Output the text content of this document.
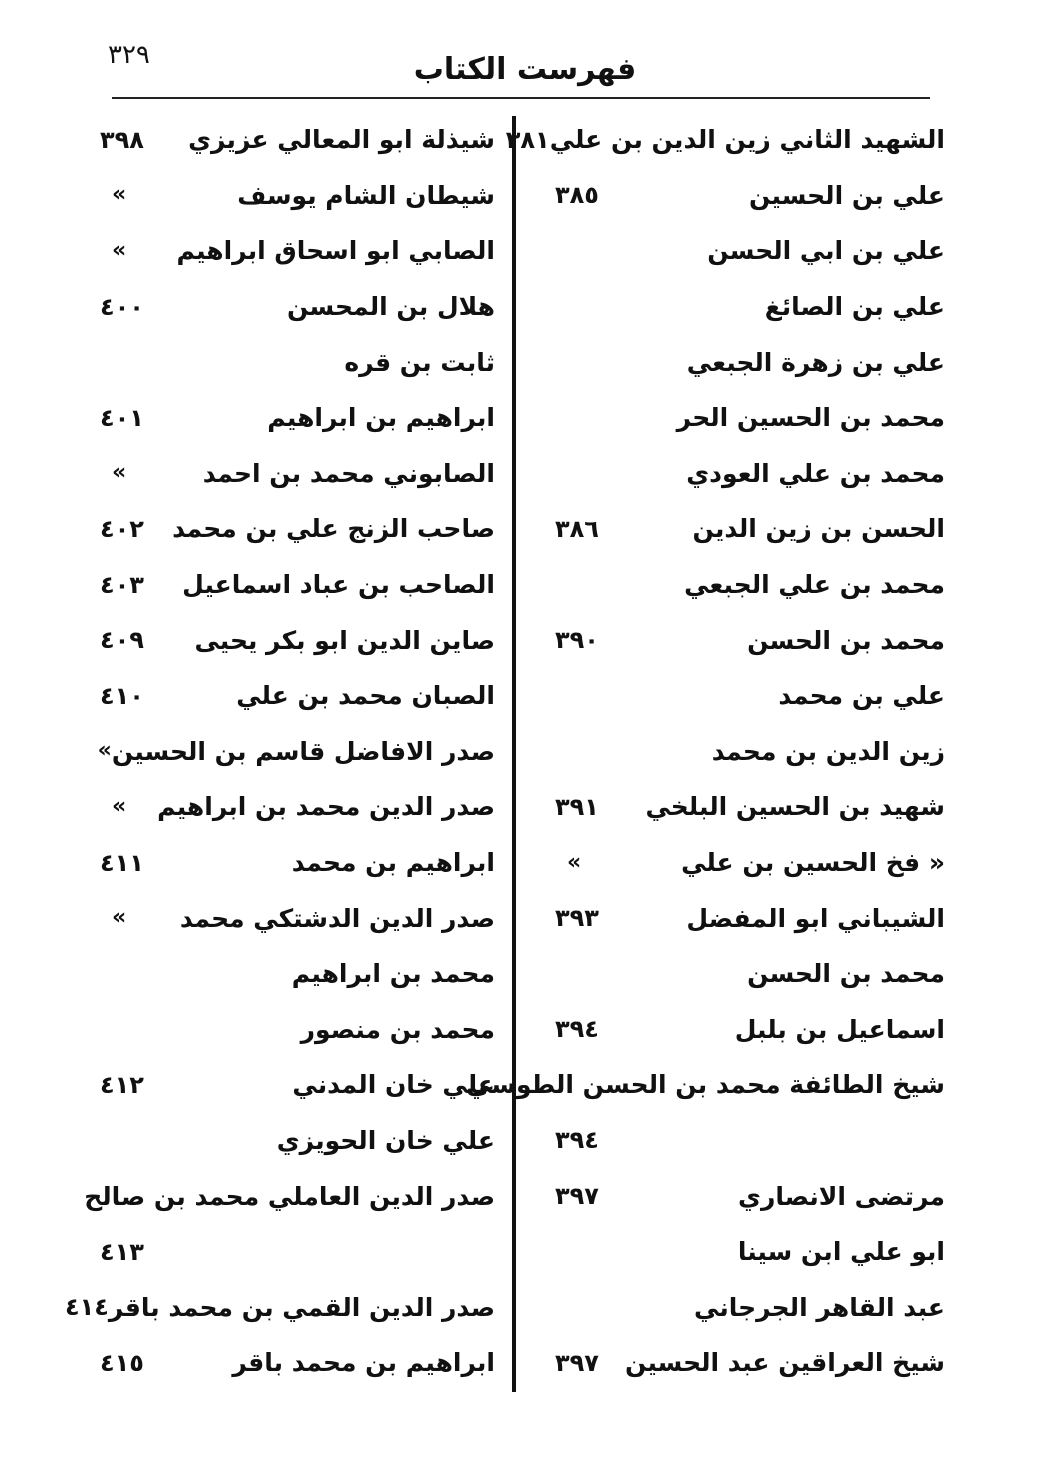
٣٢٩	فهرست الكتاب
الشهيد الثاني زين الدين بن علي
٣٨١
علي بن الحسين
٣٨٥
علي بن ابي الحسن
علي بن الصائغ
علي بن زهرة الجبعي
محمد بن الحسين الحر
محمد بن علي العودي
الحسن بن زين الدين
٣٨٦
محمد بن علي الجبعي
محمد بن الحسن
٣٩٠
علي بن محمد
زين الدين بن محمد
شهيد بن الحسين البلخي
٣٩١
« فخ الحسين بن علي
»
الشيباني ابو المفضل
٣٩٣
محمد بن الحسن
اسماعيل بن بلبل
٣٩٤
شيخ الطائفة محمد بن الحسن الطوسي
٣٩٤
مرتضى الانصاري
٣٩٧
ابو علي ابن سينا
عبد القاهر الجرجاني
شيخ العراقين عبد الحسين
٣٩٧
شيذلة ابو المعالي عزيزي
٣٩٨
شيطان الشام يوسف
»
الصابي ابو اسحاق ابراهيم
»
هلال بن المحسن
٤٠٠
ثابت بن قره
ابراهيم بن ابراهيم
٤٠١
الصابوني محمد بن احمد
»
صاحب الزنج علي بن محمد
٤٠٢
الصاحب بن عباد اسماعيل
٤٠٣
صاين الدين ابو بكر يحيى
٤٠٩
الصبان محمد بن علي
٤١٠
صدر الافاضل قاسم بن الحسين
»
صدر الدين محمد بن ابراهيم
»
ابراهيم بن محمد
٤١١
صدر الدين الدشتكي محمد
»
محمد بن ابراهيم
محمد بن منصور
علي خان المدني
٤١٢
علي خان الحويزي
صدر الدين العاملي محمد بن صالح
٤١٣
صدر الدين القمي بن محمد باقر
٤١٤
ابراهيم بن محمد باقر
٤١٥
